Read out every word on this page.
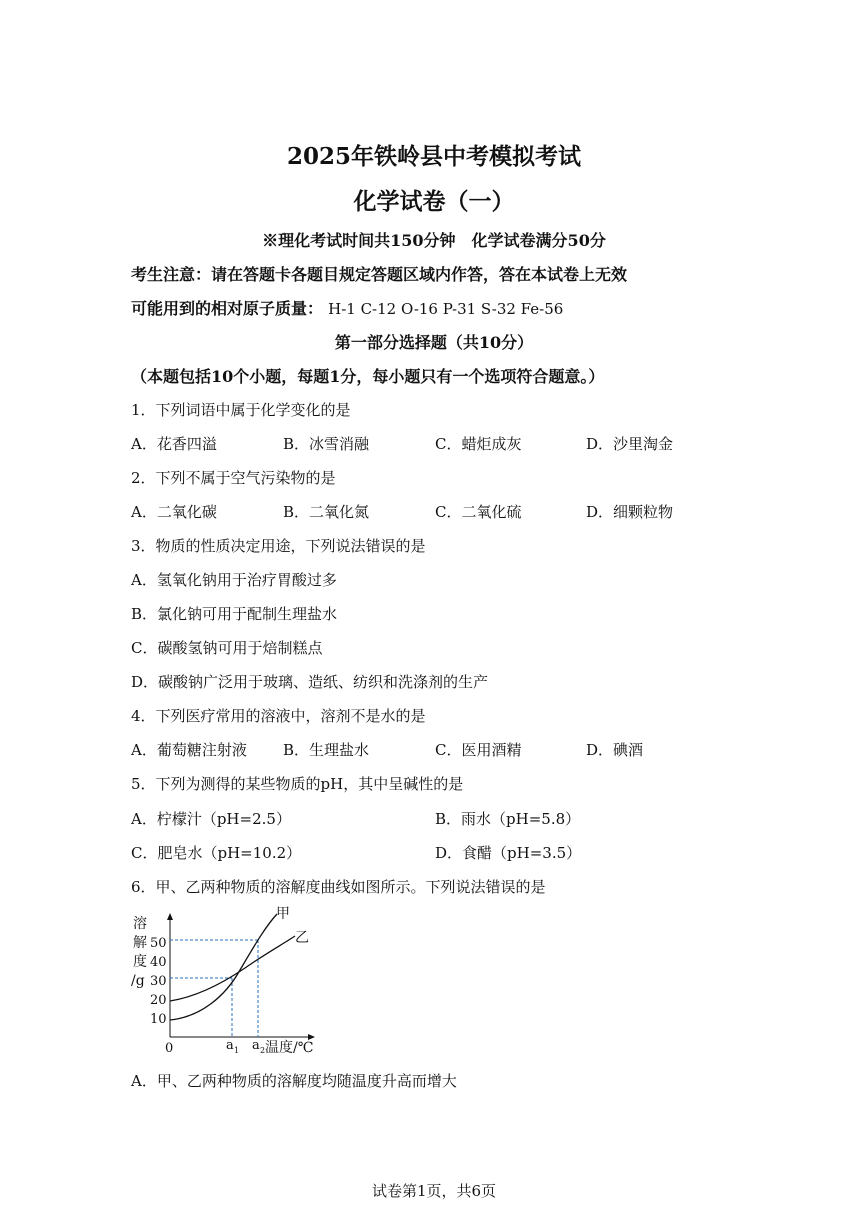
2025年铁岭县中考模拟考试
化学试卷（一）
※理化考试时间共150分钟　化学试卷满分50分
考生注意：请在答题卡各题目规定答题区域内作答，答在本试卷上无效
可能用到的相对原子质量： H-1 C-12 O-16 P-31 S-32 Fe-56
第一部分选择题（共10分）
（本题包括10个小题，每题1分，每小题只有一个选项符合题意。）
1．下列词语中属于化学变化的是
A．花香四溢	B．冰雪消融	C．蜡炬成灰	D．沙里淘金
2．下列不属于空气污染物的是
A．二氧化碳	B．二氧化氮	C．二氧化硫	D．细颗粒物
3．物质的性质决定用途，下列说法错误的是
A．氢氧化钠用于治疗胃酸过多
B．氯化钠可用于配制生理盐水
C．碳酸氢钠可用于焙制糕点
D．碳酸钠广泛用于玻璃、造纸、纺织和洗涤剂的生产
4．下列医疗常用的溶液中，溶剂不是水的是
A．葡萄糖注射液 B．生理盐水	C．医用酒精	D．碘酒
5．下列为测得的某些物质的pH，其中呈碱性的是
A．柠檬汁（pH=2.5）	B．雨水（pH=5.8）
C．肥皂水（pH=10.2）	D．食醋（pH=3.5）
6．甲、乙两种物质的溶解度曲线如图所示。下列说法错误的是
溶
解
度
/g
50
40
30
20
10
甲
乙
0	a 1 a 2 温度/℃
A．甲、乙两种物质的溶解度均随温度升高而增大
试卷第1页，共6页
